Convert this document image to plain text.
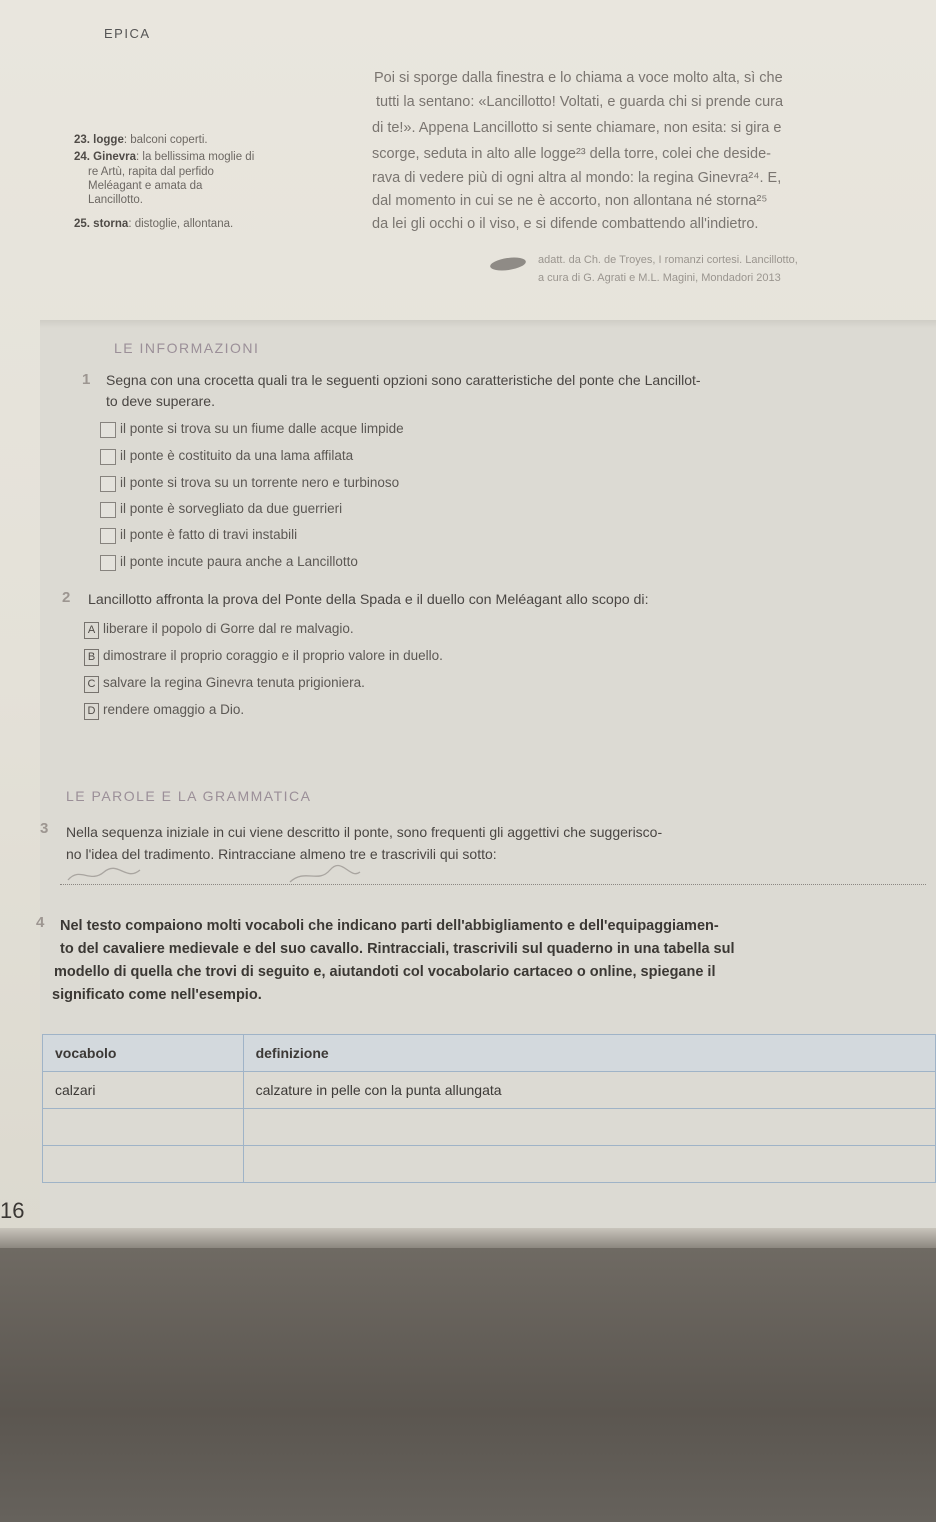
EPICA
Poi si sporge dalla finestra e lo chiama a voce molto alta, sì che
tutti la sentano: «Lancillotto! Voltati, e guarda chi si prende cura
di te!». Appena Lancillotto si sente chiamare, non esita: si gira e
scorge, seduta in alto alle logge²³ della torre, colei che deside-
rava di vedere più di ogni altra al mondo: la regina Ginevra²⁴. E,
dal momento in cui se ne è accorto, non allontana né storna²⁵
da lei gli occhi o il viso, e si difende combattendo all'indietro.
23. logge: balconi coperti.
24. Ginevra: la bellissima moglie di
re Artù, rapita dal perfido
Meléagant e amata da
Lancillotto.
25. storna: distoglie, allontana.
adatt. da Ch. de Troyes, I romanzi cortesi. Lancillotto,
a cura di G. Agrati e M.L. Magini, Mondadori 2013
LE INFORMAZIONI
1 Segna con una crocetta quali tra le seguenti opzioni sono caratteristiche del ponte che Lancillot-
to deve superare.
il ponte si trova su un fiume dalle acque limpide
il ponte è costituito da una lama affilata
il ponte si trova su un torrente nero e turbinoso
il ponte è sorvegliato da due guerrieri
il ponte è fatto di travi instabili
il ponte incute paura anche a Lancillotto
2 Lancillotto affronta la prova del Ponte della Spada e il duello con Meléagant allo scopo di:
A liberare il popolo di Gorre dal re malvagio.
B dimostrare il proprio coraggio e il proprio valore in duello.
C salvare la regina Ginevra tenuta prigioniera.
D rendere omaggio a Dio.
LE PAROLE E LA GRAMMATICA
3 Nella sequenza iniziale in cui viene descritto il ponte, sono frequenti gli aggettivi che suggerisco-
no l'idea del tradimento. Rintracciane almeno tre e trascrivili qui sotto:
4 Nel testo compaiono molti vocaboli che indicano parti dell'abbigliamento e dell'equipaggiamen-
to del cavaliere medievale e del suo cavallo. Rintracciali, trascrivili sul quaderno in una tabella sul
modello di quella che trovi di seguito e, aiutandoti col vocabolario cartaceo o online, spiegane il
significato come nell'esempio.
vocabolo	definizione
calzari	calzature in pelle con la punta allungata

16
